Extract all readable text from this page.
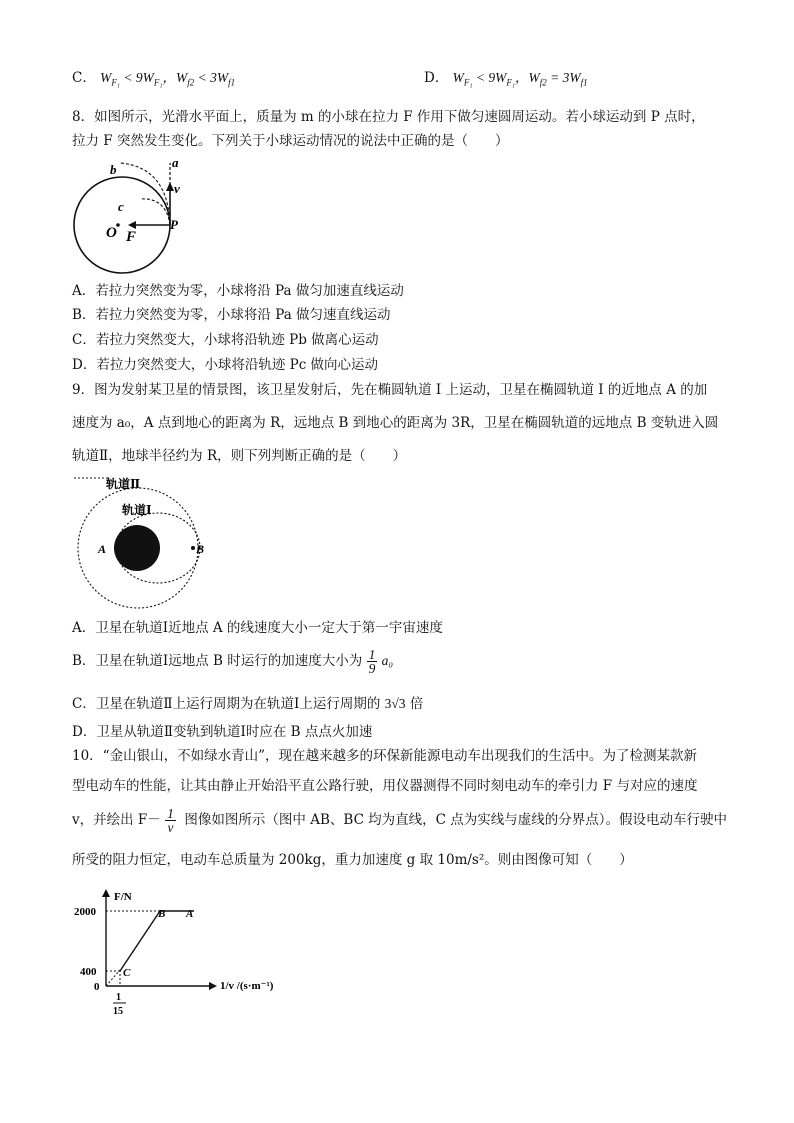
C． $W_{F_1} < 9W_{F_1}$，$W_{f2} < 3W_{f1}$	D． $W_{F_1} < 9W_{F_1}$，$W_{f2} = 3W_{f1}$
8．如图所示，光滑水平面上，质量为 m 的小球在拉力 F 作用下做匀速圆周运动。若小球运动到 P 点时，
拉力 F 突然发生变化。下列关于小球运动情况的说法中正确的是（　　）
a
b
v
c
O F
P
A．若拉力突然变为零，小球将沿 Pa 做匀加速直线运动
B．若拉力突然变为零，小球将沿 Pa 做匀速直线运动
C．若拉力突然变大，小球将沿轨迹 Pb 做离心运动
D．若拉力突然变大，小球将沿轨迹 Pc 做向心运动
9．图为发射某卫星的情景图，该卫星发射后，先在椭圆轨道 I 上运动，卫星在椭圆轨道 I 的近地点 A 的加
速度为 a₀，A 点到地心的距离为 R，远地点 B 到地心的距离为 3R，卫星在椭圆轨道的远地点 B 变轨进入圆
轨道Ⅱ，地球半径约为 R，则下列判断正确的是（　　）
轨道Ⅱ
轨道Ⅰ
A	B
A．卫星在轨道Ⅰ近地点 A 的线速度大小一定大于第一宇宙速度
B．卫星在轨道Ⅰ远地点 B 时运行的加速度大小为 $\frac{1}{9} a_0$
C．卫星在轨道Ⅱ上运行周期为在轨道Ⅰ上运行周期的 3√3 倍
D．卫星从轨道Ⅱ变轨到轨道Ⅰ时应在 B 点点火加速
10．“金山银山，不如绿水青山”，现在越来越多的环保新能源电动车出现我们的生活中。为了检测某款新
型电动车的性能，让其由静止开始沿平直公路行驶，用仪器测得不同时刻电动车的牵引力 F 与对应的速度
v，并绘出 $F- \frac{1}{v}$ 图像如图所示（图中 AB、BC 均为直线，C 点为实线与虚线的分界点）。假设电动车行驶中
所受的阻力恒定，电动车总质量为 200kg，重力加速度 g 取 10m/s²。则由图像可知（　　）
F/N
1/v /(s·m⁻¹)
2000
400
0
1
15
B A
C
